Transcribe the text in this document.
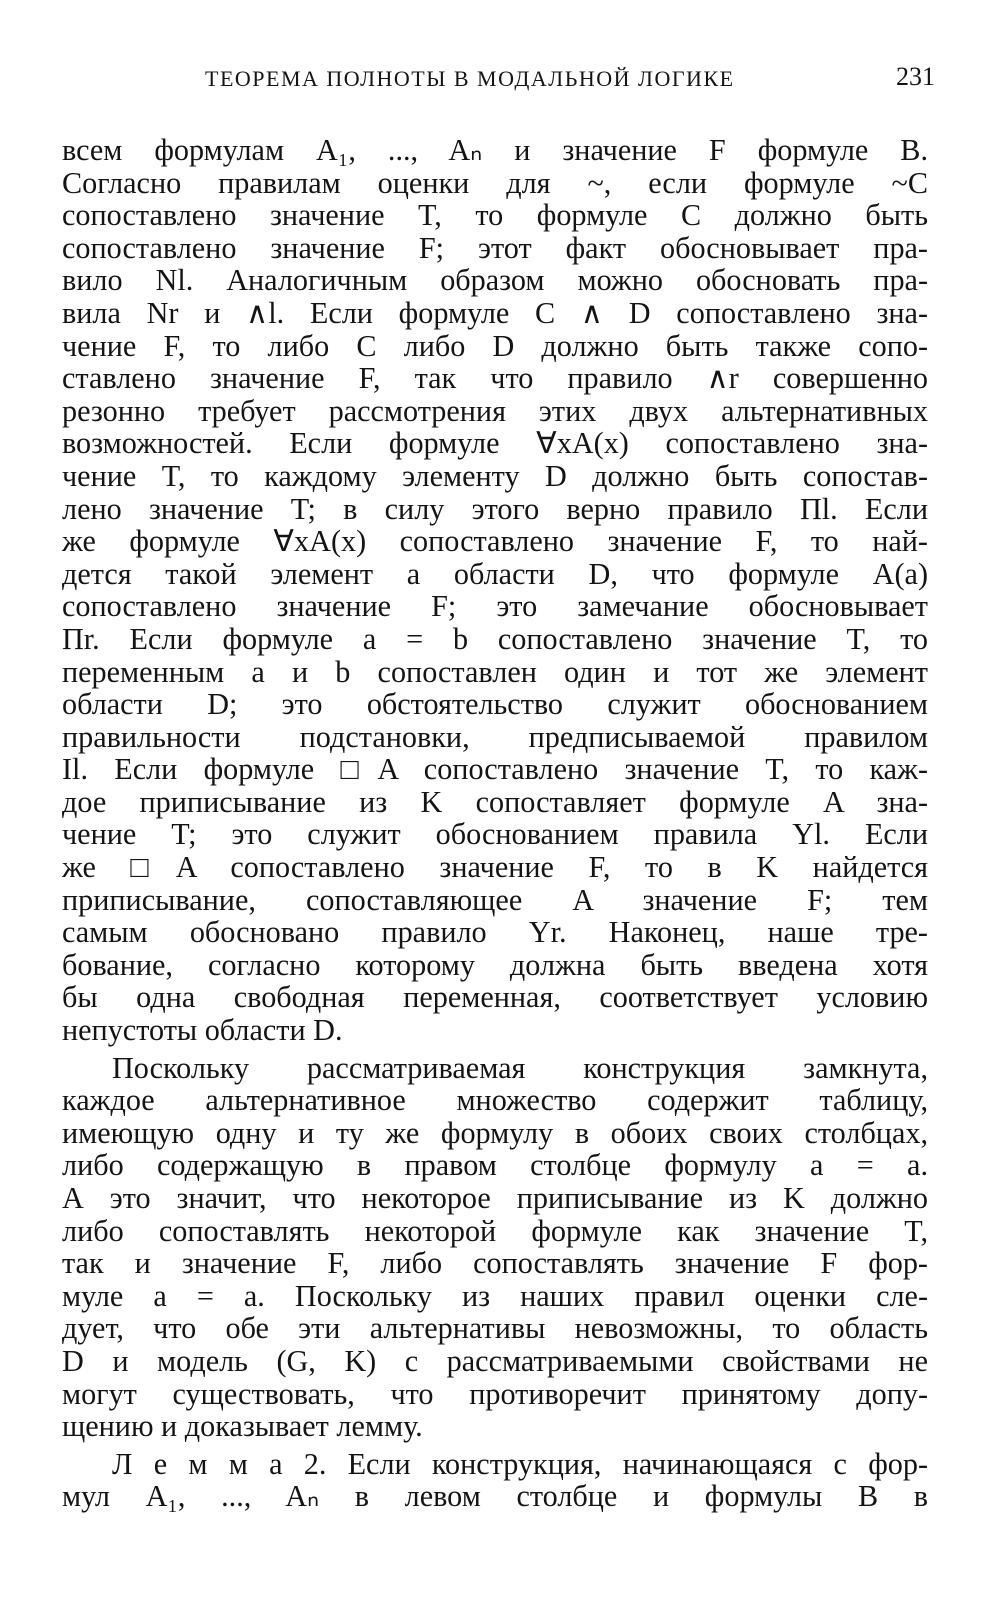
ТЕОРЕМА ПОЛНОТЫ В МОДАЛЬНОЙ ЛОГИКЕ	231
всем формулам A₁, ..., Aₙ и значение F формуле B.
Согласно правилам оценки для ~, если формуле ~C
сопоставлено значение T, то формуле C должно быть
сопоставлено значение F; этот факт обосновывает пра-
вило Nl. Аналогичным образом можно обосновать пра-
вила Nr и ∧l. Если формуле C ∧ D сопоставлено зна-
чение F, то либо C либо D должно быть также сопо-
ставлено значение F, так что правило ∧r совершенно
резонно требует рассмотрения этих двух альтернативных
возможностей. Если формуле ∀xA(x) сопоставлено зна-
чение T, то каждому элементу D должно быть сопостав-
лено значение T; в силу этого верно правило Πl. Если
же формуле ∀xA(x) сопоставлено значение F, то най-
дется такой элемент a области D, что формуле A(a)
сопоставлено значение F; это замечание обосновывает
Πr. Если формуле a = b сопоставлено значение T, то
переменным a и b сопоставлен один и тот же элемент
области D; это обстоятельство служит обоснованием
правильности подстановки, предписываемой правилом
Il. Если формуле □A сопоставлено значение T, то каж-
дое приписывание из K сопоставляет формуле A зна-
чение T; это служит обоснованием правила Yl. Если
же □A сопоставлено значение F, то в K найдется
приписывание, сопоставляющее A значение F; тем
самым обосновано правило Yr. Наконец, наше тре-
бование, согласно которому должна быть введена хотя
бы одна свободная переменная, соответствует условию
непустоты области D.
Поскольку рассматриваемая конструкция замкнута,
каждое альтернативное множество содержит таблицу,
имеющую одну и ту же формулу в обоих своих столбцах,
либо содержащую в правом столбце формулу a = a.
А это значит, что некоторое приписывание из K должно
либо сопоставлять некоторой формуле как значение T,
так и значение F, либо сопоставлять значение F фор-
муле a = a. Поскольку из наших правил оценки сле-
дует, что обе эти альтернативы невозможны, то область
D и модель (G, K) с рассматриваемыми свойствами не
могут существовать, что противоречит принятому допу-
щению и доказывает лемму.
Л е м м а 2. Если конструкция, начинающаяся с фор-
мул A₁, ..., Aₙ в левом столбце и формулы B в
